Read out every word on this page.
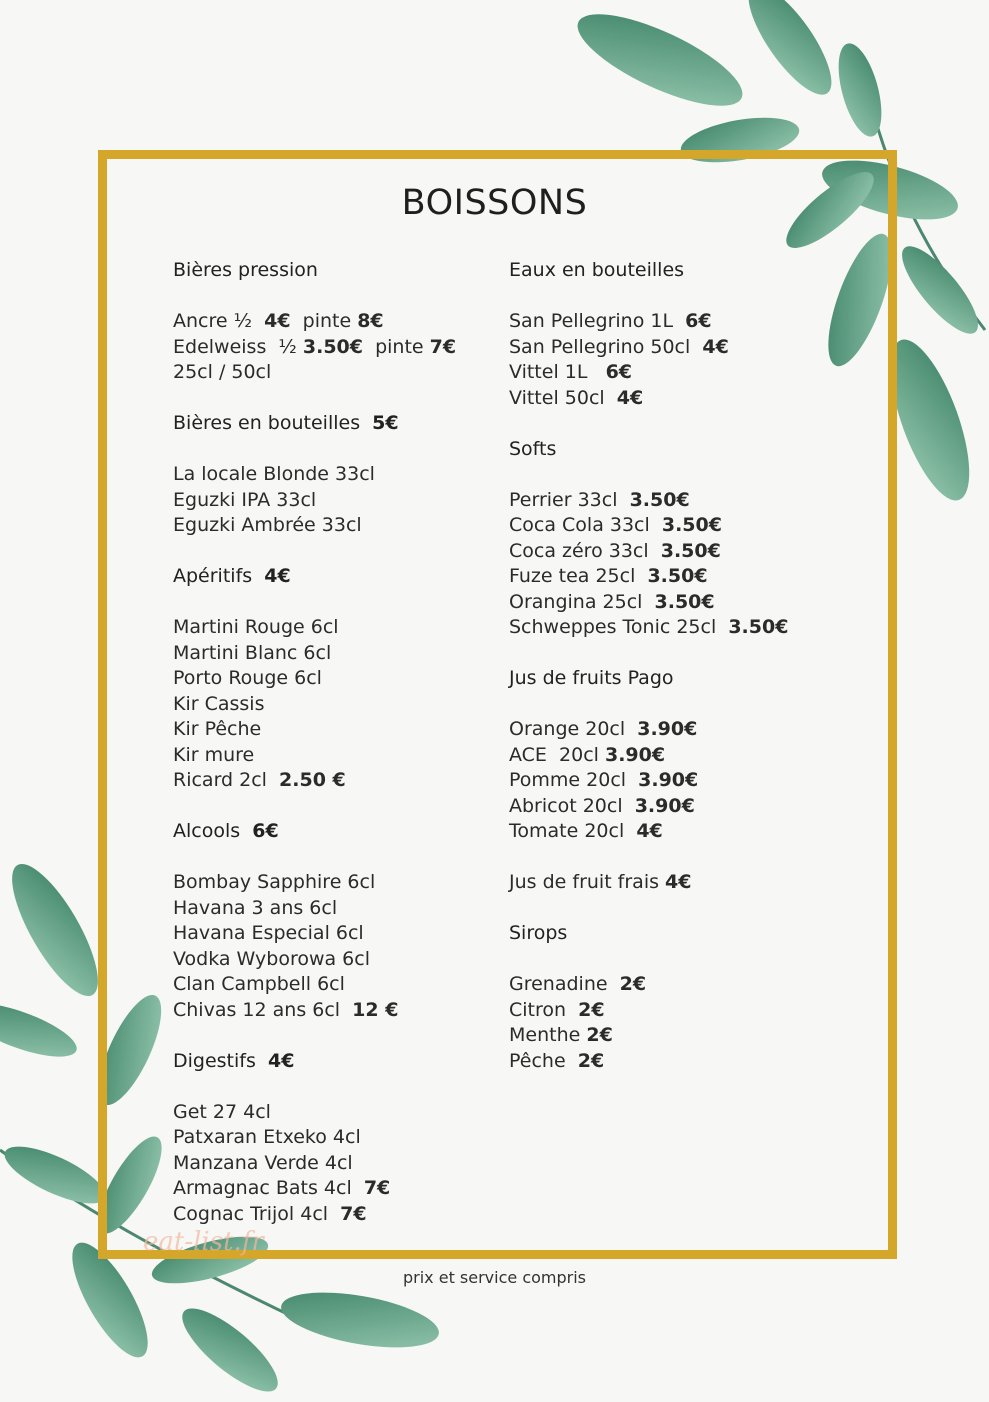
BOISSONS
Bières pression
Ancre ½  4€  pinte 8€
Edelweiss  ½ 3.50€  pinte 7€
25cl / 50cl
Bières en bouteilles  5€
La locale Blonde 33cl
Eguzki IPA 33cl
Eguzki Ambrée 33cl
Apéritifs  4€
Martini Rouge 6cl
Martini Blanc 6cl
Porto Rouge 6cl
Kir Cassis
Kir Pêche
Kir mure
Ricard 2cl  2.50 €
Alcools  6€
Bombay Sapphire 6cl
Havana 3 ans 6cl
Havana Especial 6cl
Vodka Wyborowa 6cl
Clan Campbell 6cl
Chivas 12 ans 6cl  12 €
Digestifs  4€
Get 27 4cl
Patxaran Etxeko 4cl
Manzana Verde 4cl
Armagnac Bats 4cl  7€
Cognac Trijol 4cl  7€
Eaux en bouteilles
San Pellegrino 1L  6€
San Pellegrino 50cl  4€
Vittel 1L   6€
Vittel 50cl  4€
Softs
Perrier 33cl  3.50€
Coca Cola 33cl  3.50€
Coca zéro 33cl  3.50€
Fuze tea 25cl  3.50€
Orangina 25cl  3.50€
Schweppes Tonic 25cl  3.50€
Jus de fruits Pago
Orange 20cl  3.90€
ACE  20cl 3.90€
Pomme 20cl  3.90€
Abricot 20cl  3.90€
Tomate 20cl  4€
Jus de fruit frais 4€
Sirops
Grenadine  2€
Citron  2€
Menthe 2€
Pêche  2€
eat-list.fr
prix et service compris
